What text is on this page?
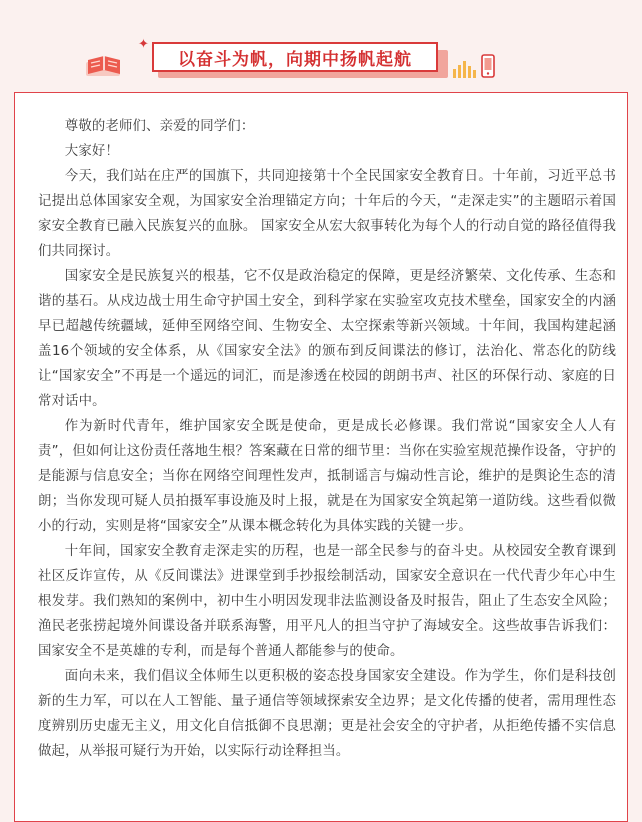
✦
以奋斗为帆，向期中扬帆起航

尊敬的老师们、亲爱的同学们：

大家好！

今天，我们站在庄严的国旗下，共同迎接第十个全民国家安全教育日。十年前，习近平总书记提出总体国家安全观，为国家安全治理锚定方向；十年后的今天，“走深走实”的主题昭示着国家安全教育已融入民族复兴的血脉。 国家安全从宏大叙事转化为每个人的行动自觉的路径值得我们共同探讨。

国家安全是民族复兴的根基，它不仅是政治稳定的保障，更是经济繁荣、文化传承、生态和谐的基石。从戍边战士用生命守护国土安全，到科学家在实验室攻克技术壁垒，国家安全的内涵早已超越传统疆域，延伸至网络空间、生物安全、太空探索等新兴领域。十年间，我国构建起涵盖16个领域的安全体系，从《国家安全法》的颁布到反间谍法的修订，法治化、常态化的防线让“国家安全”不再是一个遥远的词汇，而是渗透在校园的朗朗书声、社区的环保行动、家庭的日常对话中。

作为新时代青年，维护国家安全既是使命，更是成长必修课。我们常说“国家安全人人有责”，但如何让这份责任落地生根？答案藏在日常的细节里：当你在实验室规范操作设备，守护的是能源与信息安全；当你在网络空间理性发声，抵制谣言与煽动性言论，维护的是舆论生态的清朗；当你发现可疑人员拍摄军事设施及时上报，就是在为国家安全筑起第一道防线。这些看似微小的行动，实则是将“国家安全”从课本概念转化为具体实践的关键一步。

十年间，国家安全教育走深走实的历程，也是一部全民参与的奋斗史。从校园安全教育课到社区反诈宣传，从《反间谍法》进课堂到手抄报绘制活动，国家安全意识在一代代青少年心中生根发芽。我们熟知的案例中，初中生小明因发现非法监测设备及时报告，阻止了生态安全风险；渔民老张捞起境外间谍设备并联系海警，用平凡人的担当守护了海域安全。这些故事告诉我们：国家安全不是英雄的专利，而是每个普通人都能参与的使命。

面向未来，我们倡议全体师生以更积极的姿态投身国家安全建设。作为学生，你们是科技创新的生力军，可以在人工智能、量子通信等领域探索安全边界；是文化传播的使者，需用理性态度辨别历史虚无主义，用文化自信抵御不良思潮；更是社会安全的守护者，从拒绝传播不实信息做起，从举报可疑行为开始，以实际行动诠释担当。
